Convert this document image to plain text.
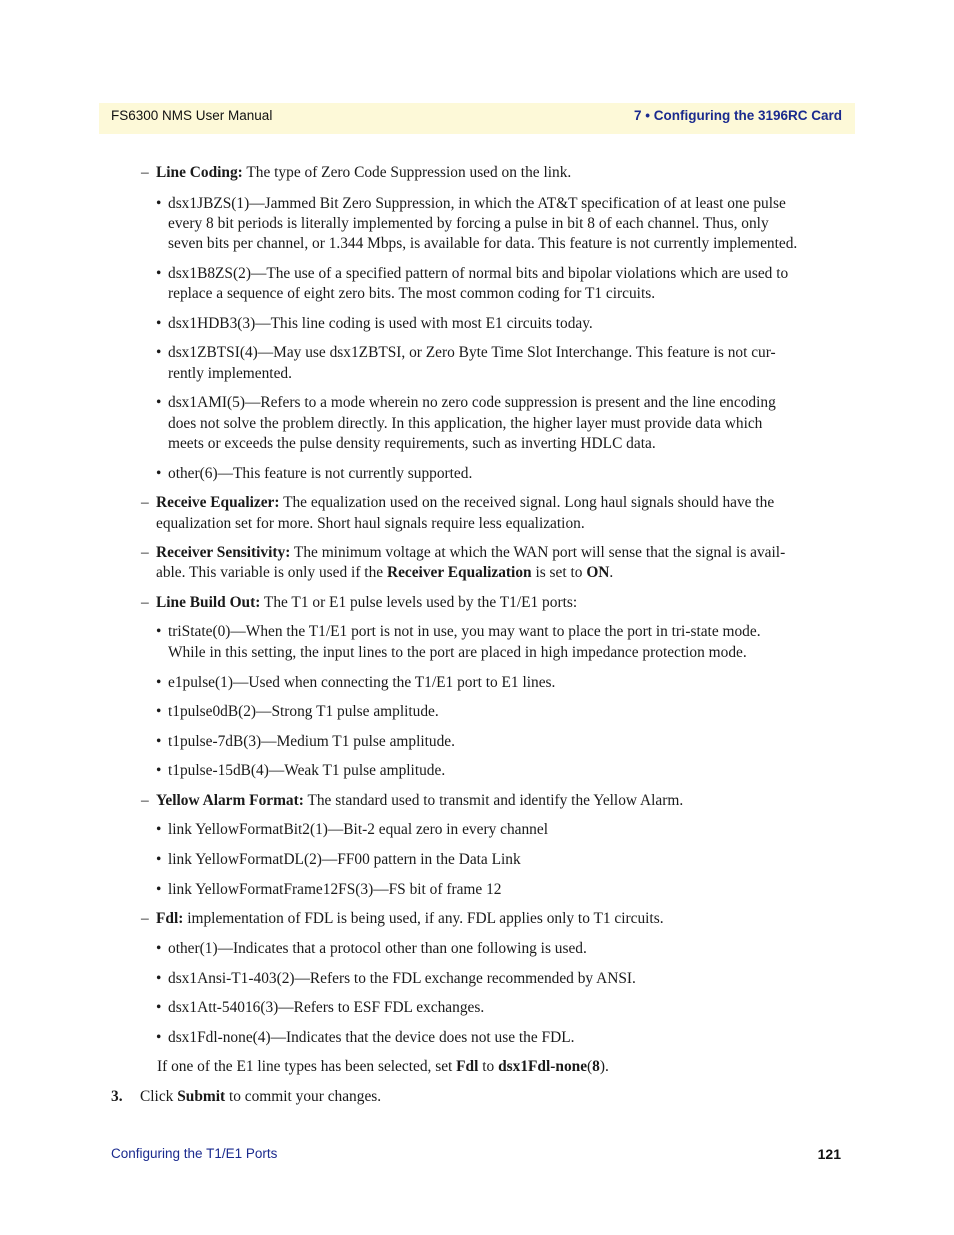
FS6300 NMS User Manual	7 • Configuring the 3196RC Card
– Line Coding: The type of Zero Code Suppression used on the link.
• dsx1JBZS(1)—Jammed Bit Zero Suppression, in which the AT&T specification of at least one pulse
every 8 bit periods is literally implemented by forcing a pulse in bit 8 of each channel. Thus, only
seven bits per channel, or 1.344 Mbps, is available for data. This feature is not currently implemented.
• dsx1B8ZS(2)—The use of a specified pattern of normal bits and bipolar violations which are used to
replace a sequence of eight zero bits. The most common coding for T1 circuits.
• dsx1HDB3(3)—This line coding is used with most E1 circuits today.
• dsx1ZBTSI(4)—May use dsx1ZBTSI, or Zero Byte Time Slot Interchange. This feature is not cur-
rently implemented.
• dsx1AMI(5)—Refers to a mode wherein no zero code suppression is present and the line encoding
does not solve the problem directly. In this application, the higher layer must provide data which
meets or exceeds the pulse density requirements, such as inverting HDLC data.
• other(6)—This feature is not currently supported.
– Receive Equalizer: The equalization used on the received signal. Long haul signals should have the
equalization set for more. Short haul signals require less equalization.
– Receiver Sensitivity: The minimum voltage at which the WAN port will sense that the signal is avail-
able. This variable is only used if the Receiver Equalization is set to ON.
– Line Build Out: The T1 or E1 pulse levels used by the T1/E1 ports:
• triState(0)—When the T1/E1 port is not in use, you may want to place the port in tri-state mode.
While in this setting, the input lines to the port are placed in high impedance protection mode.
• e1pulse(1)—Used when connecting the T1/E1 port to E1 lines.
• t1pulse0dB(2)—Strong T1 pulse amplitude.
• t1pulse-7dB(3)—Medium T1 pulse amplitude.
• t1pulse-15dB(4)—Weak T1 pulse amplitude.
– Yellow Alarm Format: The standard used to transmit and identify the Yellow Alarm.
• link YellowFormatBit2(1)—Bit-2 equal zero in every channel
• link YellowFormatDL(2)—FF00 pattern in the Data Link
• link YellowFormatFrame12FS(3)—FS bit of frame 12
– Fdl: implementation of FDL is being used, if any. FDL applies only to T1 circuits.
• other(1)—Indicates that a protocol other than one following is used.
• dsx1Ansi-T1-403(2)—Refers to the FDL exchange recommended by ANSI.
• dsx1Att-54016(3)—Refers to ESF FDL exchanges.
• dsx1Fdl-none(4)—Indicates that the device does not use the FDL.
If one of the E1 line types has been selected, set Fdl to dsx1Fdl-none(8).
3. Click Submit to commit your changes.
Configuring the T1/E1 Ports	121
